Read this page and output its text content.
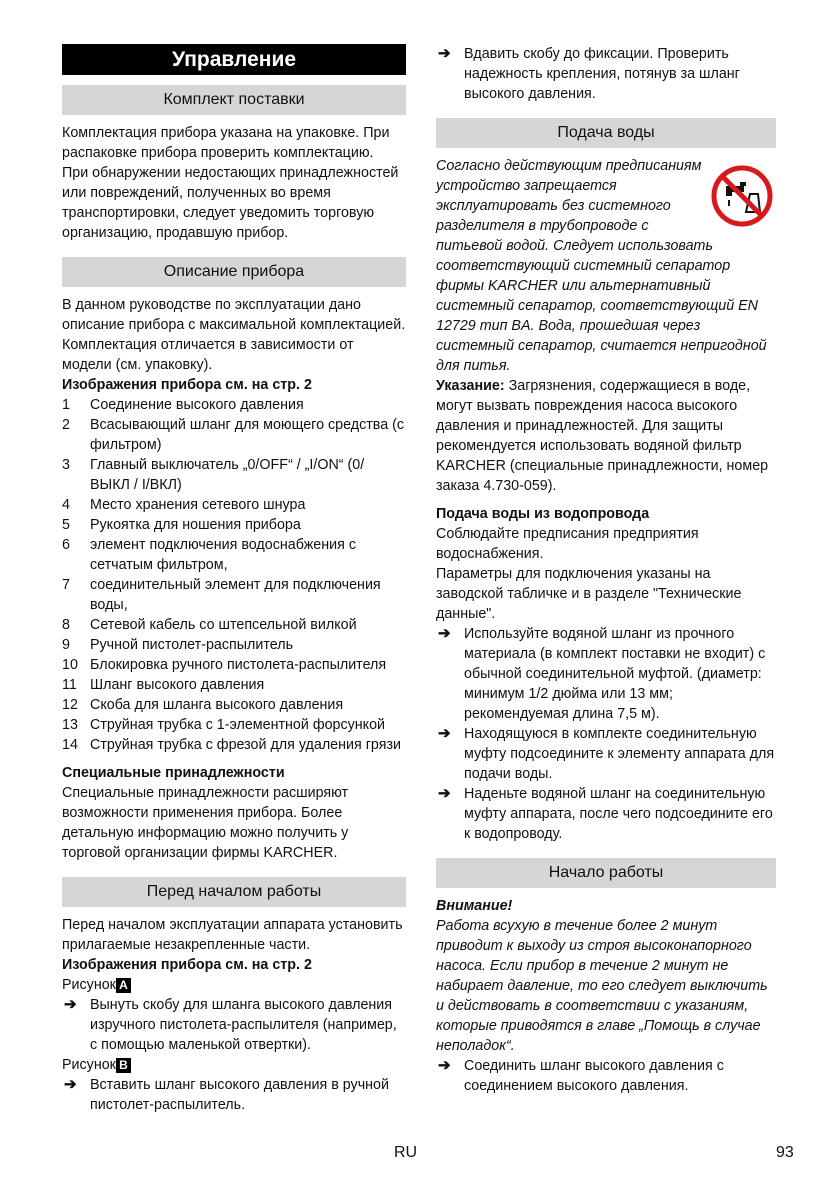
Управление
Комплект поставки

Комплектация прибора указана на упаковке. При распаковке прибора проверить комплектацию.

При обнаружении недостающих принадлежностей или повреждений, полученных во время транспортировки, следует уведомить торговую организацию, продавшую прибор.

Описание прибора

В данном руководстве по эксплуатации дано описание прибора с максимальной комплектацией. Комплектация отличается в зависимости от модели (см. упаковку).

Изображения прибора см. на стр. 2

1 Соединение высокого давления
2 Всасывающий шланг для моющего средства (с фильтром)
3 Главный выключатель „0/OFF“ / „I/ON“ (0/ ВЫКЛ / I/ВКЛ)
4 Место хранения сетевого шнура
5 Рукоятка для ношения прибора
6 элемент подключения водоснабжения с сетчатым фильтром,
7 соединительный элемент для подключения воды,
8 Сетевой кабель со штепсельной вилкой
9 Ручной пистолет-распылитель
10 Блокировка ручного пистолета-распылителя
11 Шланг высокого давления
12 Скоба для шланга высокого давления
13 Струйная трубка с 1-элементной форсункой
14 Струйная трубка с фрезой для удаления грязи

Специальные принадлежности

Специальные принадлежности расширяют возможности применения прибора. Более детальную информацию можно получить у торговой организации фирмы KARCHER.

Перед началом работы

Перед началом эксплуатации аппарата установить прилагаемые незакрепленные части.

Изображения прибора см. на стр. 2

Рисунок A

➔ Вынуть скобу для шланга высокого давления изручного пистолета-распылителя (например, с помощью маленькой отвертки).

Рисунок B

➔ Вставить шланг высокого давления в ручной пистолет-распылитель.

➔ Вдавить скобу до фиксации. Проверить надежность крепления, потянув за шланг высокого давления.

Подача воды

Согласно действующим предписаниям устройство запрещается эксплуатировать без системного разделителя в трубопроводе с питьевой водой. Следует использовать соответствующий системный сепаратор фирмы KARCHER или альтернативный системный сепаратор, соответствующий EN 12729 тип BA. Вода, прошедшая через системный сепаратор, считается непригодной для питья.

Указание: Загрязнения, содержащиеся в воде, могут вызвать повреждения насоса высокого давления и принадлежностей. Для защиты рекомендуется использовать водяной фильтр KARCHER (специальные принадлежности, номер заказа 4.730-059).

Подача воды из водопровода

Соблюдайте предписания предприятия водоснабжения.

Параметры для подключения указаны на заводской табличке и в разделе "Технические данные".

➔ Используйте водяной шланг из прочного материала (в комплект поставки не входит) с обычной соединительной муфтой. (диаметр: минимум 1/2 дюйма или 13 мм; рекомендуемая длина 7,5 м).

➔ Находящуюся в комплекте соединительную муфту подсоедините к элементу аппарата для подачи воды.

➔ Наденьте водяной шланг на соединительную муфту аппарата, после чего подсоедините его к водопроводу.

Начало работы

Внимание!

Работа всухую в течение более 2 минут приводит к выходу из строя высоконапорного насоса. Если прибор в течение 2 минут не набирает давление, то его следует выключить и действовать в соответствии с указаниям, которые приводятся в главе „Помощь в случае неполадок“.

➔ Соединить шланг высокого давления с соединением высокого давления.

RU	93
